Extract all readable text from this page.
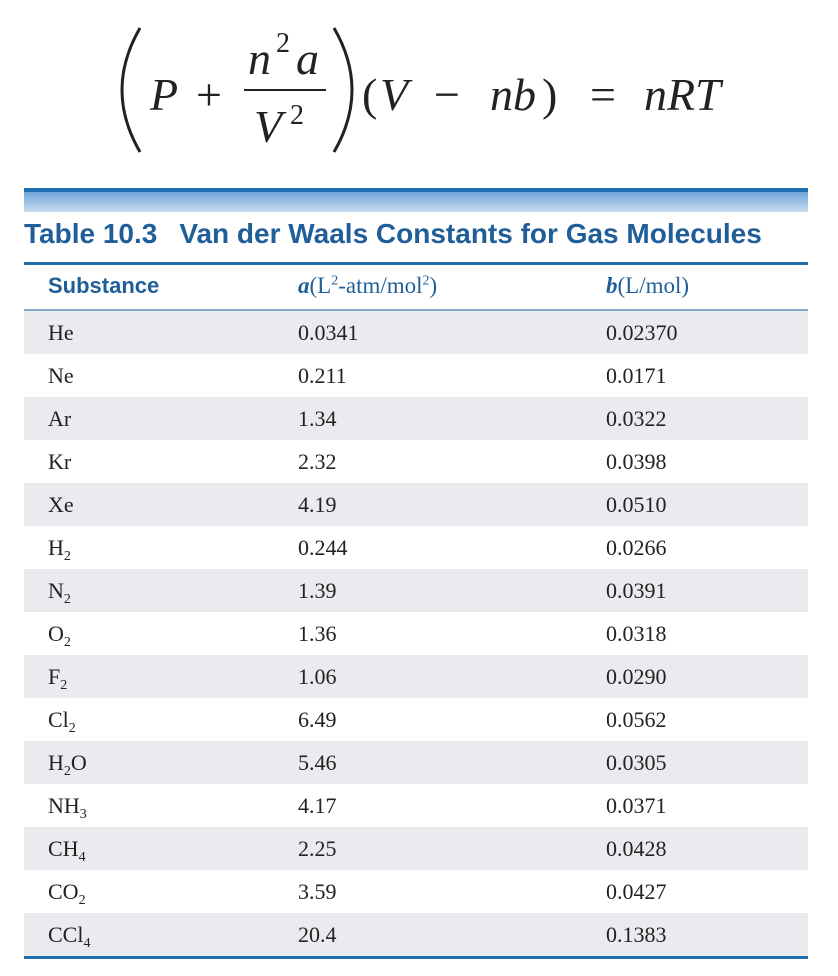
P +
n 2 a
V 2 ( V − nb ) = nRT
Table 10.3 Van der Waals Constants for Gas Molecules
Substance	$a(L^2-atm/mol^2)$	b(L/mol)
He	0.0341	0.02370
Ne	0.211	0.0171
Ar	1.34	0.0322
Kr	2.32	0.0398
Xe	4.19	0.0510
$H_2$	0.244	0.0266
$N_2$	1.39	0.0391
$O_2$	1.36	0.0318
$F_2$	1.06	0.0290
$Cl_2$	6.49	0.0562
$H_2O$	5.46	0.0305
$NH_3$	4.17	0.0371
$CH_4$	2.25	0.0428
$CO_2$	3.59	0.0427
CCl$_4$	20.4	0.1383
